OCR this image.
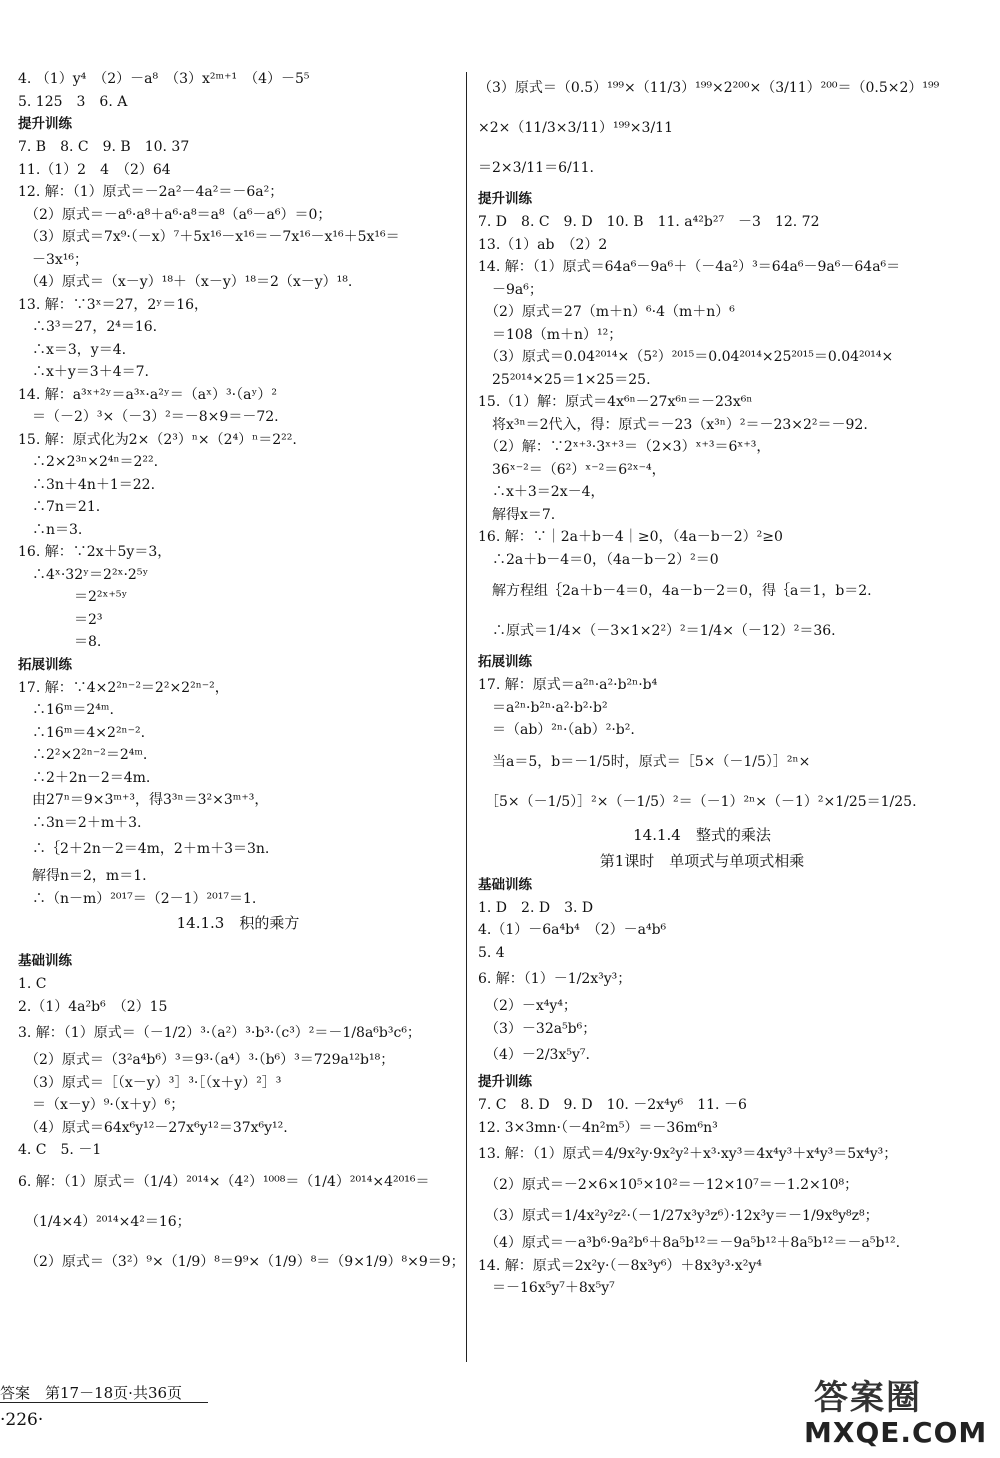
4. （1）y⁴　（2）－a⁸　（3）x²ᵐ⁺¹　（4）－5⁵
5. 125　3　6. A
提升训练
7. B　8. C　9. B　10. 37
11.（1）2　4　（2）64
12. 解：（1）原式＝－2a²－4a²＝－6a²；
　（2）原式＝－a⁶·a⁸＋a⁶·a⁸＝a⁸（a⁶－a⁶）＝0；
　（3）原式＝7x⁹·（－x）⁷＋5x¹⁶－x¹⁶＝－7x¹⁶－x¹⁶＋5x¹⁶＝
　－3x¹⁶；
　（4）原式＝（x－y）¹⁸＋（x－y）¹⁸＝2（x－y）¹⁸.
13. 解：∵3ˣ＝27，2ʸ＝16，
　∴3³＝27，2⁴＝16.
　∴x＝3，y＝4.
　∴x＋y＝3＋4＝7.
14. 解：a³ˣ⁺²ʸ＝a³ˣ·a²ʸ＝（aˣ）³·（aʸ）²
　＝（－2）³×（－3）²＝－8×9＝－72.
15. 解：原式化为2×（2³）ⁿ×（2⁴）ⁿ＝2²².
　∴2×2³ⁿ×2⁴ⁿ＝2²².
　∴3n＋4n＋1＝22.
　∴7n＝21.
　∴n＝3.
16. 解：∵2x＋5y＝3，
　∴4ˣ·32ʸ＝2²ˣ·2⁵ʸ
　　　　＝2²ˣ⁺⁵ʸ
　　　　＝2³
　　　　＝8.
拓展训练
17. 解：∵4×2²ⁿ⁻²＝2²×2²ⁿ⁻²，
　∴16ᵐ＝2⁴ᵐ.
　∴16ᵐ＝4×2²ⁿ⁻².
　∴2²×2²ⁿ⁻²＝2⁴ᵐ.
　∴2＋2n－2＝4m.
　由27ⁿ＝9×3ᵐ⁺³，得3³ⁿ＝3²×3ᵐ⁺³，
　∴3n＝2＋m＋3.
　∴｛2＋2n－2＝4m，2＋m＋3＝3n.
　解得n＝2，m＝1.
　∴（n－m）²⁰¹⁷＝（2－1）²⁰¹⁷＝1.
14.1.3　积的乘方
基础训练
1. C
2.（1）4a²b⁶　（2）15
3. 解：（1）原式＝（－1/2）³·（a²）³·b³·（c³）²＝－1/8a⁶b³c⁶；
　（2）原式＝（3²a⁴b⁶）³＝9³·（a⁴）³·（b⁶）³＝729a¹²b¹⁸；
　（3）原式＝［（x－y）³］³·［（x＋y）²］³
　＝（x－y）⁹·（x＋y）⁶；
　（4）原式＝64x⁶y¹²－27x⁶y¹²＝37x⁶y¹².
4. C　5. －1
6. 解：（1）原式＝（1/4）²⁰¹⁴×（4²）¹⁰⁰⁸＝（1/4）²⁰¹⁴×4²⁰¹⁶＝
　（1/4×4）²⁰¹⁴×4²＝16；
　（2）原式＝（3²）⁹×（1/9）⁸＝9⁹×（1/9）⁸＝（9×1/9）⁸×9＝9；
（3）原式＝（0.5）¹⁹⁹×（11/3）¹⁹⁹×2²⁰⁰×（3/11）²⁰⁰＝（0.5×2）¹⁹⁹
×2×（11/3×3/11）¹⁹⁹×3/11
＝2×3/11＝6/11.
提升训练
7. D　8. C　9. D　10. B　11. a⁴²b²⁷　－3　12. 72
13.（1）ab　（2）2
14. 解：（1）原式＝64a⁶－9a⁶＋（－4a²）³＝64a⁶－9a⁶－64a⁶＝
　－9a⁶；
　（2）原式＝27（m＋n）⁶·4（m＋n）⁶
　＝108（m＋n）¹²；
　（3）原式＝0.04²⁰¹⁴×（5²）²⁰¹⁵＝0.04²⁰¹⁴×25²⁰¹⁵＝0.04²⁰¹⁴×
　25²⁰¹⁴×25＝1×25＝25.
15.（1）解：原式＝4x⁶ⁿ－27x⁶ⁿ＝－23x⁶ⁿ
　将x³ⁿ＝2代入，得：原式＝－23（x³ⁿ）²＝－23×2²＝－92.
　（2）解：∵2ˣ⁺³·3ˣ⁺³＝（2×3）ˣ⁺³＝6ˣ⁺³，
　36ˣ⁻²＝（6²）ˣ⁻²＝6²ˣ⁻⁴，
　∴x＋3＝2x－4，
　解得x＝7.
16. 解：∵｜2a＋b－4｜≥0，（4a－b－2）²≥0
　∴2a＋b－4＝0，（4a－b－2）²＝0
　解方程组｛2a＋b－4＝0，4a－b－2＝0，得｛a＝1，b＝2.
　∴原式＝1/4×（－3×1×2²）²＝1/4×（－12）²＝36.
拓展训练
17. 解：原式＝a²ⁿ·a²·b²ⁿ·b⁴
　＝a²ⁿ·b²ⁿ·a²·b²·b²
　＝（ab）²ⁿ·（ab）²·b².
　当a＝5，b＝－1/5时，原式＝［5×（－1/5）］²ⁿ×
　［5×（－1/5）］²×（－1/5）²＝（－1）²ⁿ×（－1）²×1/25＝1/25.
14.1.4　整式的乘法
第1课时　单项式与单项式相乘
基础训练
1. D　2. D　3. D
4.（1）－6a⁴b⁴　（2）－a⁴b⁶
5. 4
6. 解：（1）－1/2x³y³；
　（2）－x⁴y⁴；
　（3）－32a⁵b⁶；
　（4）－2/3x⁵y⁷.
提升训练
7. C　8. D　9. D　10. －2x⁴y⁶　11. －6
12. 3×3mn·（－4n²m⁵）＝－36m⁶n³
13. 解：（1）原式＝4/9x²y·9x²y²＋x³·xy³＝4x⁴y³＋x⁴y³＝5x⁴y³；
　（2）原式＝－2×6×10⁵×10²＝－12×10⁷＝－1.2×10⁸；
　（3）原式＝1/4x²y²z²·（－1/27x³y³z⁶）·12x³y＝－1/9x⁸y⁸z⁸；
　（4）原式＝－a³b⁶·9a²b⁶＋8a⁵b¹²＝－9a⁵b¹²＋8a⁵b¹²＝－a⁵b¹².
14. 解：原式＝2x²y·（－8x³y⁶）＋8x³y³·x²y⁴
　＝－16x⁵y⁷＋8x⁵y⁷
答案　第17－18页·共36页
·226·
答案圈
MXQE.COM
